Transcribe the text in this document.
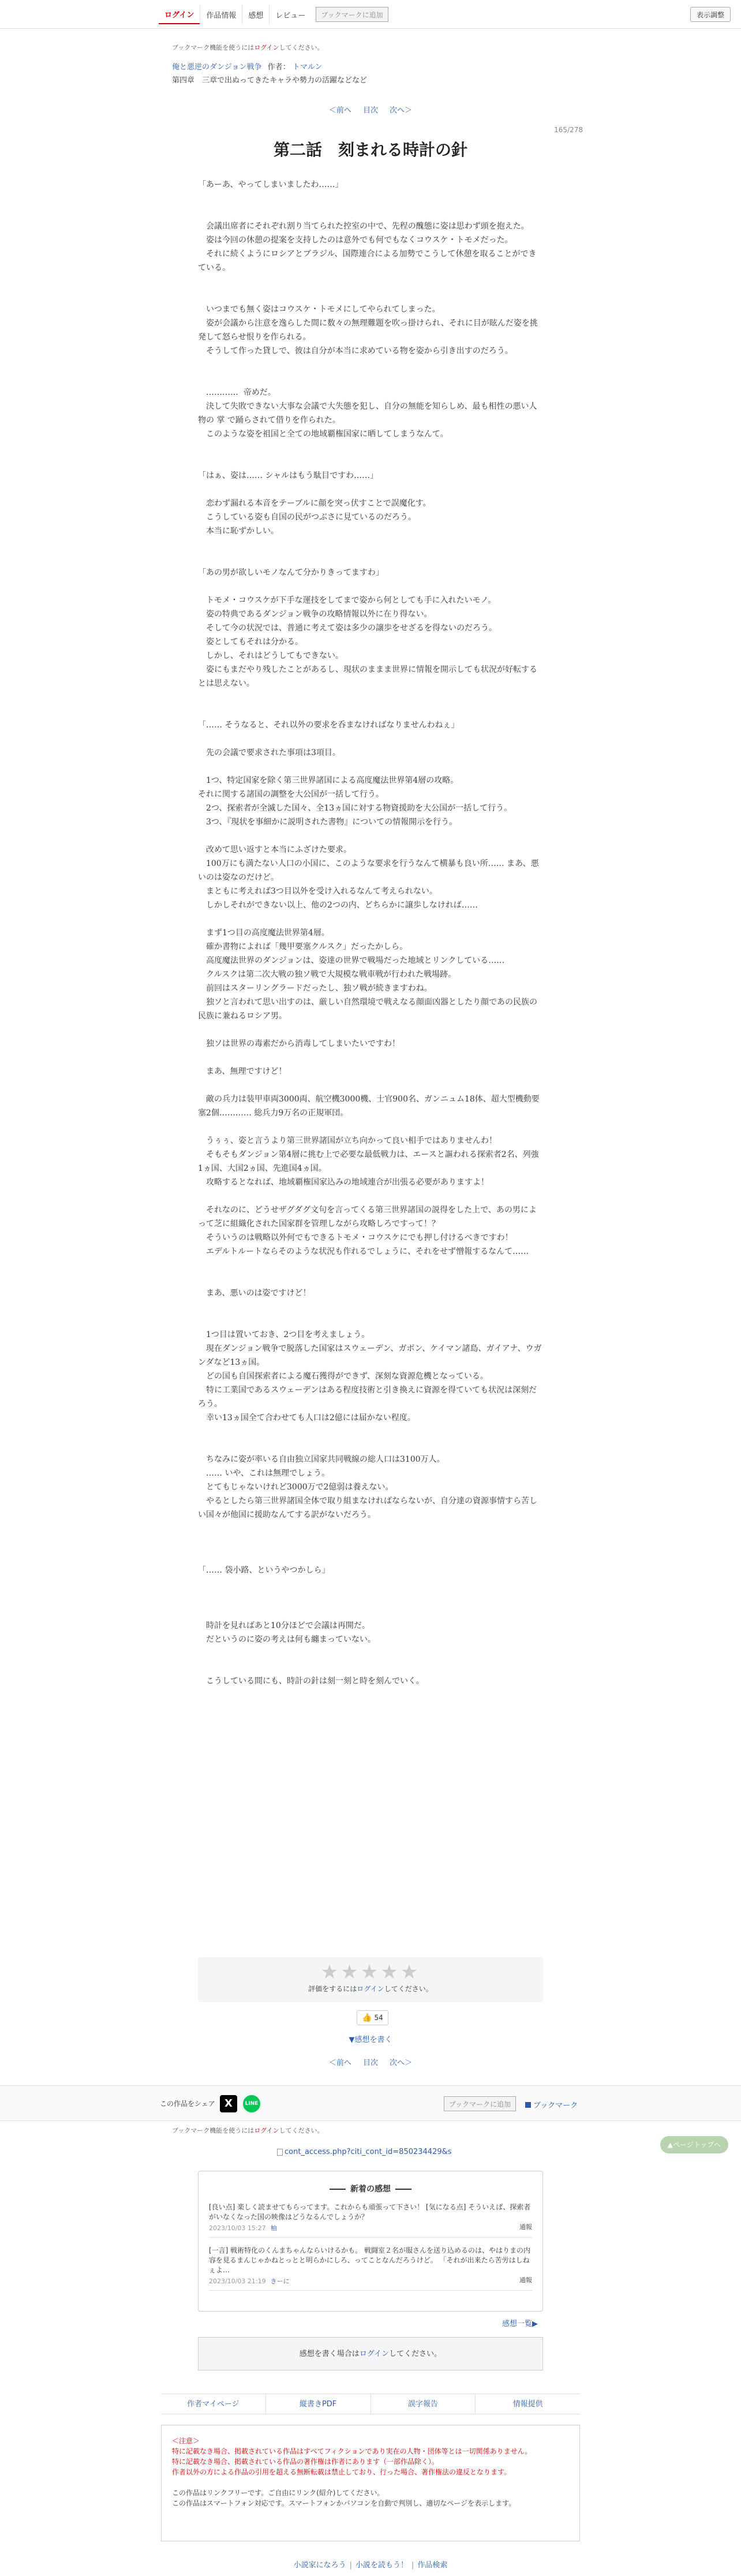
ログイン	作品情報	感想	レビュー	ブックマークに追加	表示調整
ブックマーク機能を使うにはログインしてください。
俺と悪逆のダンジョン戦争 作者： トマルン
第四章　三章で出ぬってきたキャラや勢力の活躍などなど
＜前へ 目次 次へ＞
165/278
第二話　刻まれる時計の針

「あーあ、やってしまいましたわ……」

　会議出席者にそれぞれ割り当てられた控室の中で、先程の醜態に姿は思わず頭を抱えた。

　姿は今回の休憩の提案を支持したのは意外でも何でもなくコウスケ・トモメだった。

　それに続くようにロシアとブラジル、国際連合による加勢でこうして休憩を取ることができている。

　いつまでも無く姿はコウスケ・トモメにしてやられてしまった。

　姿が会議から注意を逸らした間に数々の無理難題を吹っ掛けられ、それに目が眩んだ姿を挑発して怒らせ恨りを作られる。

　そうして作った貸しで、彼は自分が本当に求めている物を姿から引き出すのだろう。

　…………  帝めだ。

　決して失敗できない大事な会議で大失態を犯し、自分の無能を知らしめ、最も相性の悪い人物の 掌 で踊らされて借りを作られた。

　このような姿を祖国と全ての地域覇権国家に晒してしまうなんて。

「はぁ、姿は…… シャルはもう駄目ですわ……」

　恋わず漏れる本音をテーブルに顔を突っ伏すことで誤魔化す。

　こうしている姿も自国の民がつぶさに見ているのだろう。

　本当に恥ずかしい。

「あの男が欲しいモノなんて分かりきってますわ」

　トモメ・コウスケが下手な運技をしてまで姿から何としても手に入れたいモノ。

　姿の特典であるダンジョン戦争の攻略情報以外に在り得ない。

　そして今の状況では、普通に考えて姿は多少の譲歩をせざるを得ないのだろう。

　姿としてもそれは分かる。

　しかし、それはどうしてもできない。

　姿にもまだやり残したことがあるし、現状のままま世界に情報を開示しても状況が好転するとは思えない。

「…… そうなると、それ以外の要求を呑まなければなりませんわねぇ」

　先の会議で要求された事項は3項目。

　1つ、特定国家を除く第三世界諸国による高度魔法世界第4層の攻略。

それに関する諸国の調整を大公国が一括して行う。

　2つ、探索者が全滅した国々、全13ヵ国に対する物資援助を大公国が一括して行う。

　3つ、『現状を事細かに説明された書物』についての情報開示を行う。

　改めて思い返すと本当にふざけた要求。

　100万にも満たない人口の小国に、このような要求を行うなんて横暴も良い所…… まあ、悪いのは姿なのだけど。

　まともに考えれば3つ目以外を受け入れるなんて考えられない。

　しかしそれができない以上、他の2つの内、どちらかに譲歩しなければ……

　まず1つ目の高度魔法世界第4層。

　確か書物によれば「幾甲要塞クルスク」だったかしら。

　高度魔法世界のダンジョンは、姿達の世界で戦場だった地域とリンクしている……

　クルスクは第二次大戦の独ソ戦で大規模な戦車戦が行われた戦場跡。

　前回はスターリングラードだったし、独ソ戦が続きますわね。

　独ソと言われて思い出すのは、厳しい自然環境で戦えなる顔面凶器としたり顔であの民族の民族に兼ねるロシア男。

　独ソは世界の毒素だから消毒してしまいたいですわ！

　まあ、無理ですけど！

　敵の兵力は装甲車両3000両、航空機3000機、士官900名、ガンニュム18体、超大型機動要塞2個………… 総兵力9万名の正規軍団。

　うぅぅ、姿と言うより第三世界諸国が立ち向かって良い相手ではありませんわ！

　そもそもダンジョン第4層に挑む上で必要な最低戦力は、エースと謳われる探索者2名、列強1ヵ国、大国2ヵ国、先進国4ヵ国。

　攻略するとなれば、地域覇権国家込みの地域連合が出張る必要がありますよ！

　それなのに、どうせザグダグ文句を言ってくる第三世界諸国の説得をした上で、あの男によって芝に組織化された国家群を管理しながら攻略しろですって！？

　そういうのは戦略以外何でもできるトモメ・コウスケにでも押し付けるべきですわ！

　エデルトルートならそのような状況も作れるでしょうに、それをせず憎報するなんて……

　まあ、悪いのは姿ですけど！

　1つ目は置いておき、2つ目を考えましょう。

　現在ダンジョン戦争で脱落した国家はスウェーデン、ガボン、ケイマン諸島、ガイアナ、ウガンダなど13ヵ国。

　どの国も自国探索者による魔石獲得ができず、深刻な資源危機となっている。

　特に工業国であるスウェーデンはある程度技術と引き換えに資源を得ていても状況は深刻だろう。

　幸い13ヵ国全て合わせても人口は2億には届かない程度。

　ちなみに姿が率いる自由独立国家共同戦線の総人口は3100万人。

　…… いや、これは無理でしょう。

　とてもじゃないけれど3000万で2億弱は養えない。

　やるとしたら第三世界諸国全体で取り組まなければならないが、自分達の資源事情すら苦しい国々が他国に援助なんてする訳がないだろう。

「…… 袋小路、というやつかしら」

　時計を見ればあと10分ほどで会議は再開だ。

　だというのに姿の考えは何も纏まっていない。

　こうしている間にも、時計の針は刻一刻と時を刻んでいく。

★★★★★
評価をするにはログインしてください。
👍 54
▼感想を書く
＜前へ 目次 次へ＞
この作品をシェア X	LINE	ブックマークに追加	ブックマーク
ブックマーク機能を使うにはログインしてください。
cont_access.php?citi_cont_id=850234429&s
▲ページトップへ
新着の感想
[良い点] 楽しく読ませてもらってます。これからも頑張って下さい！ [気になる点] そういえば、探索者がいなくなった国の映像はどうなるんでしょうか？
2023/10/03 15:27 柚	通報
[一言] 戦術特化のくんまちゃんならいけるかも。 戦闘室２名が服さんを送り込めるのは、やはりまの内容を見るまんじゃかねとっとと明らかにしろ、ってことなんだろうけど。 「それが出来たら苦労はしねぇよ…
2023/10/03 21:19 きーに	通報
感想一覧▶
感想を書く場合はログインしてください。
作者マイページ	縦書きPDF	誤字報告	情報提供
＜注意＞
特に記載なき場合、掲載されている作品はすべてフィクションであり実在の人物・団体等とは一切関係ありません。
特に記載なき場合、掲載されている作品の著作権は作者にあります（一部作品除く）。
作者以外の方による作品の引用を超える無断転載は禁止しており、行った場合、著作権法の違反となります。
この作品はリンクフリーです。ご自由にリンク(紹介)してください。
この作品はスマートフォン対応です。スマートフォンかパソコンを自動で判別し、適切なページを表示します。
小説家になろう | 小説を読もう！ | 作品検索
